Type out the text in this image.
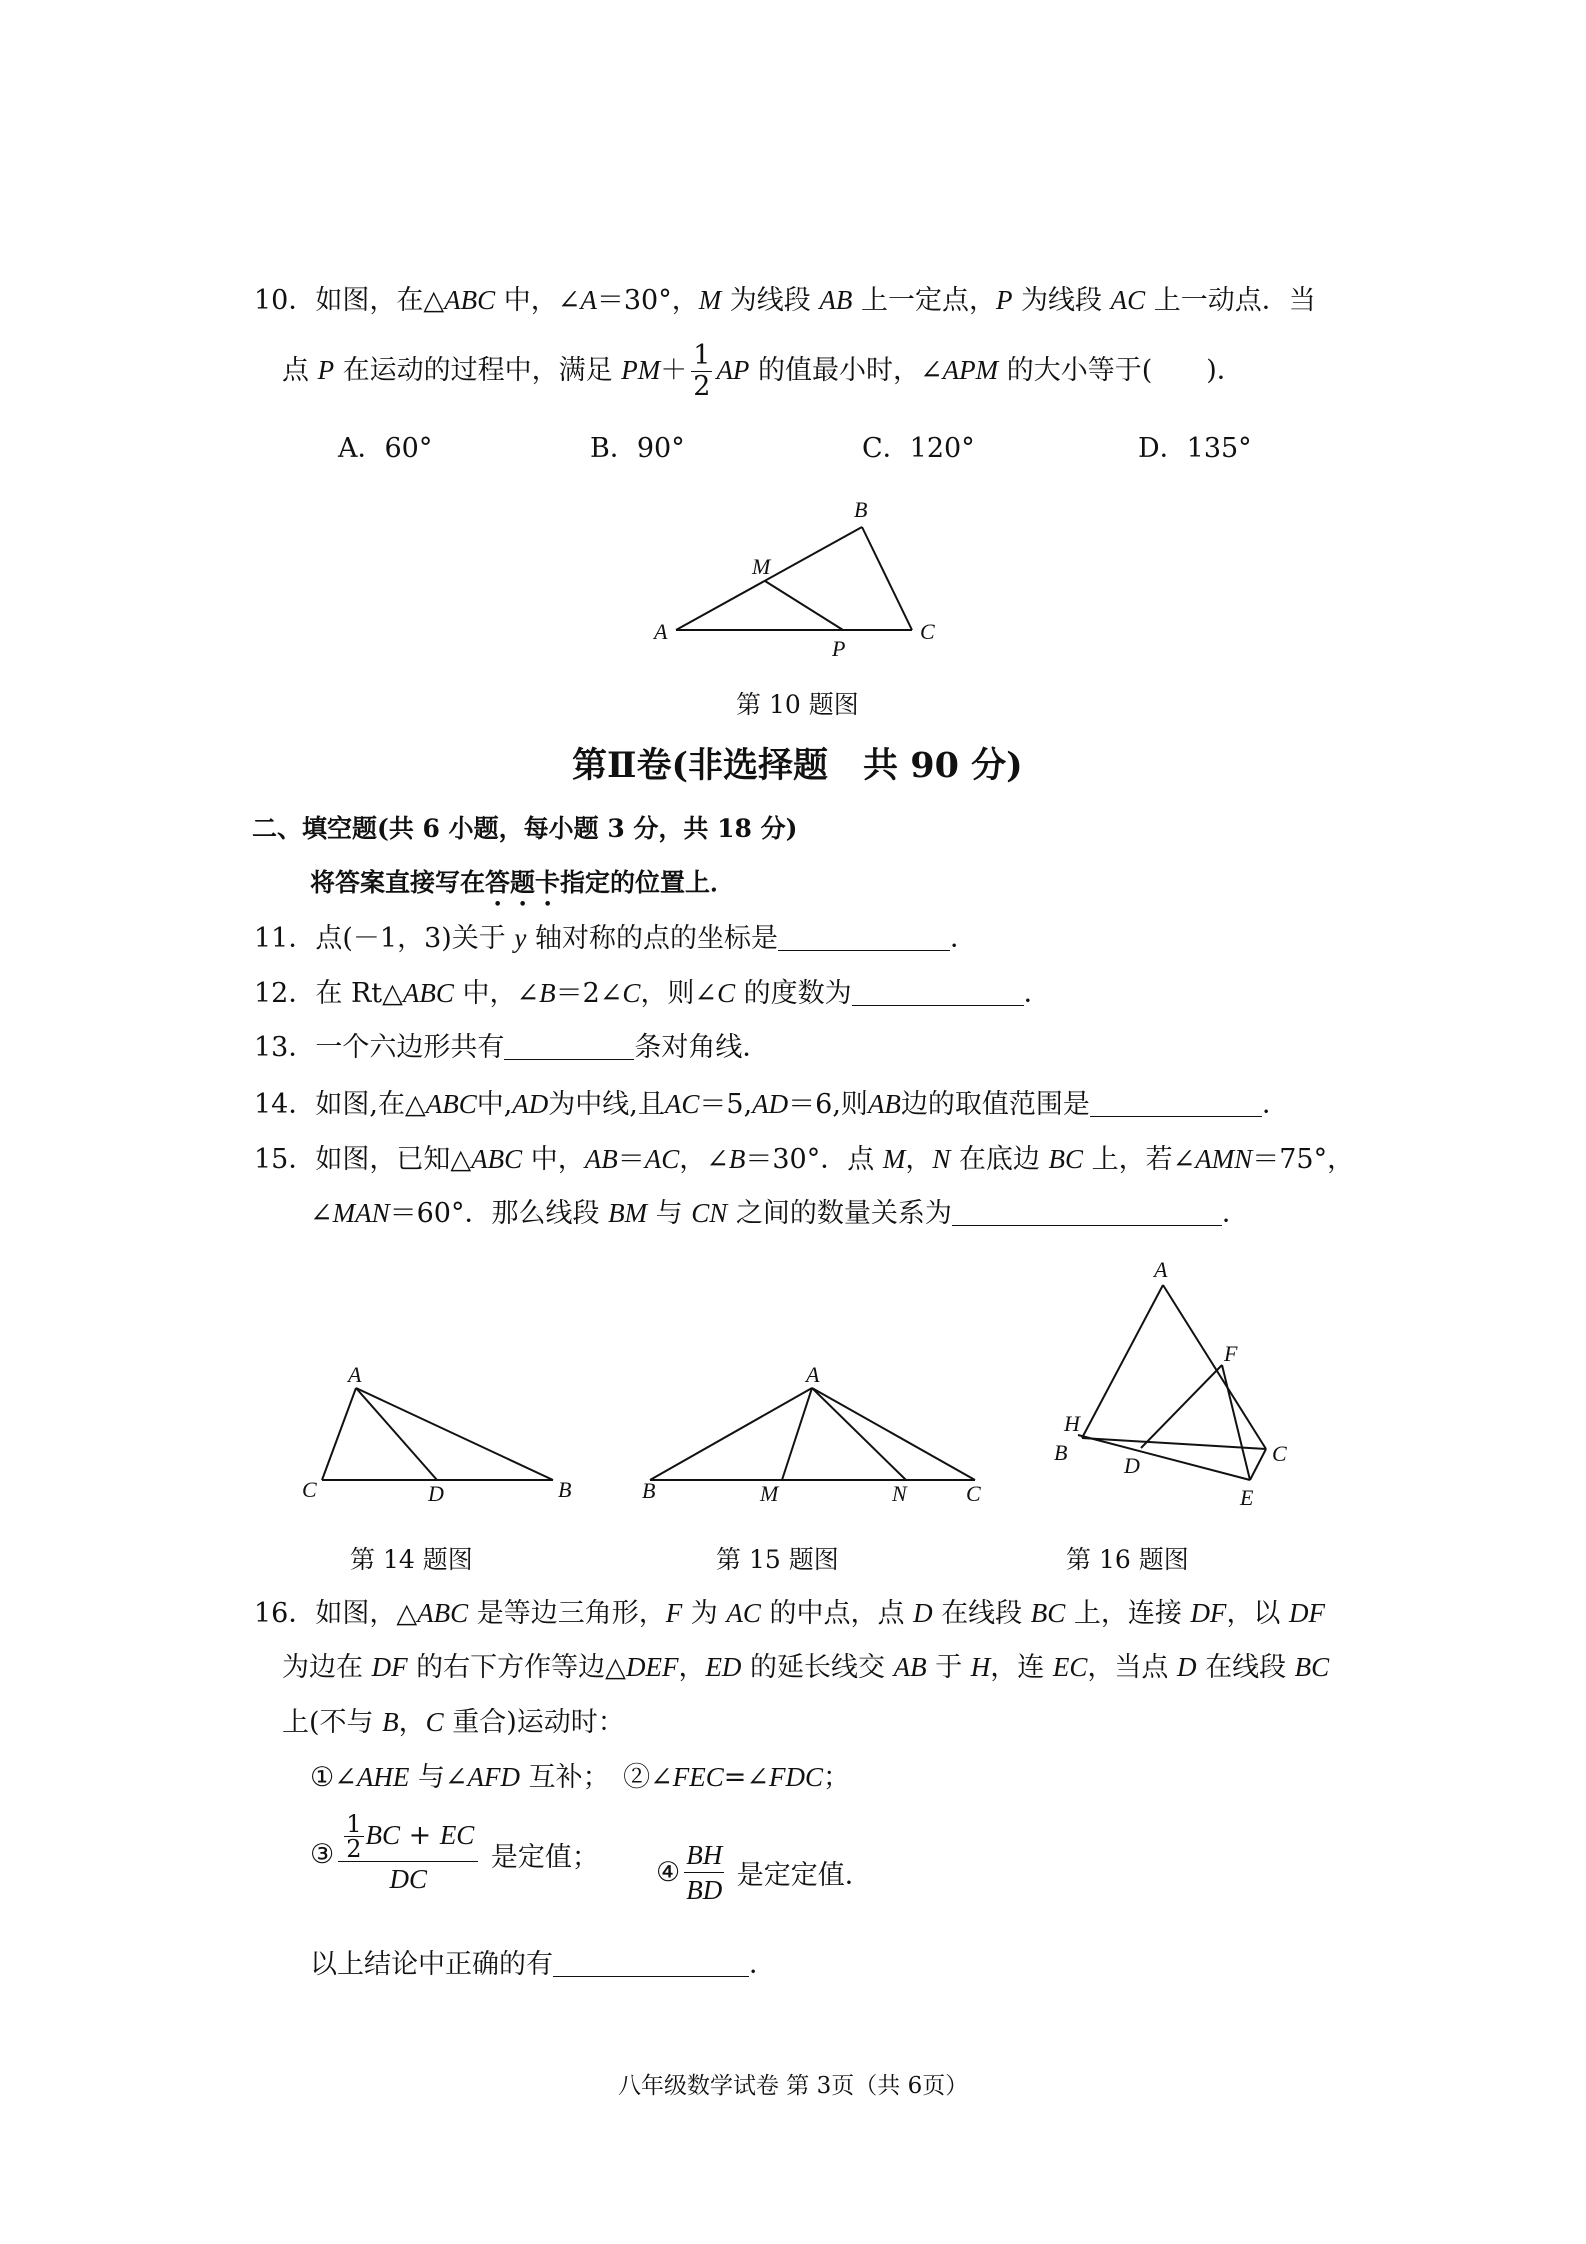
10．如图，在△ABC 中，∠A＝30°，M 为线段 AB 上一定点，P 为线段 AC 上一动点．当
点 P 在运动的过程中，满足 $PM+ \frac{1}{2}$ AP 的值最小时，∠APM 的大小等于(　　)．
A．60°	B．90°	C．120°	D．135°
A
B
C
M
P
第 10 题图
第Ⅱ卷(非选择题　共 90 分)
二、填空题(共 6 小题，每小题 3 分，共 18 分)
将答案直接写在答题卡指定的位置上．
11．点(－1，3)关于 y 轴对称的点的坐标是	．
12．在 Rt△ABC 中，∠B＝2∠C，则∠C 的度数为	．
13．一个六边形共有	条对角线．
14．如图,在△ABC中,AD为中线,且AC＝5,AD＝6,则AB边的取值范围是	．
15．如图，已知△ABC 中，AB＝AC，∠B＝30°．点 M，N 在底边 BC 上，若∠AMN＝75°，
∠MAN＝60°．那么线段 BM 与 CN 之间的数量关系为	．
A
C	D	B
A
B	M	N	C
A
F
H
B
D	C
E
第 14 题图	第 15 题图	第 16 题图
16．如图，△ABC 是等边三角形，F 为 AC 的中点，点 D 在线段 BC 上，连接 DF，以 DF
为边在 DF 的右下方作等边△DEF，ED 的延长线交 AB 于 H，连 EC，当点 D 在线段 BC
上(不与 B，C 重合)运动时：
①∠AHE 与∠AFD 互补；　②∠FEC=∠FDC；
③ $\frac{\frac{1}{2} BC + EC}{DC}$ 是定值； ④ $\frac{BH}{BD}$ 是定定值．
以上结论中正确的有	．
八年级数学试卷 第 3页（共 6页）
